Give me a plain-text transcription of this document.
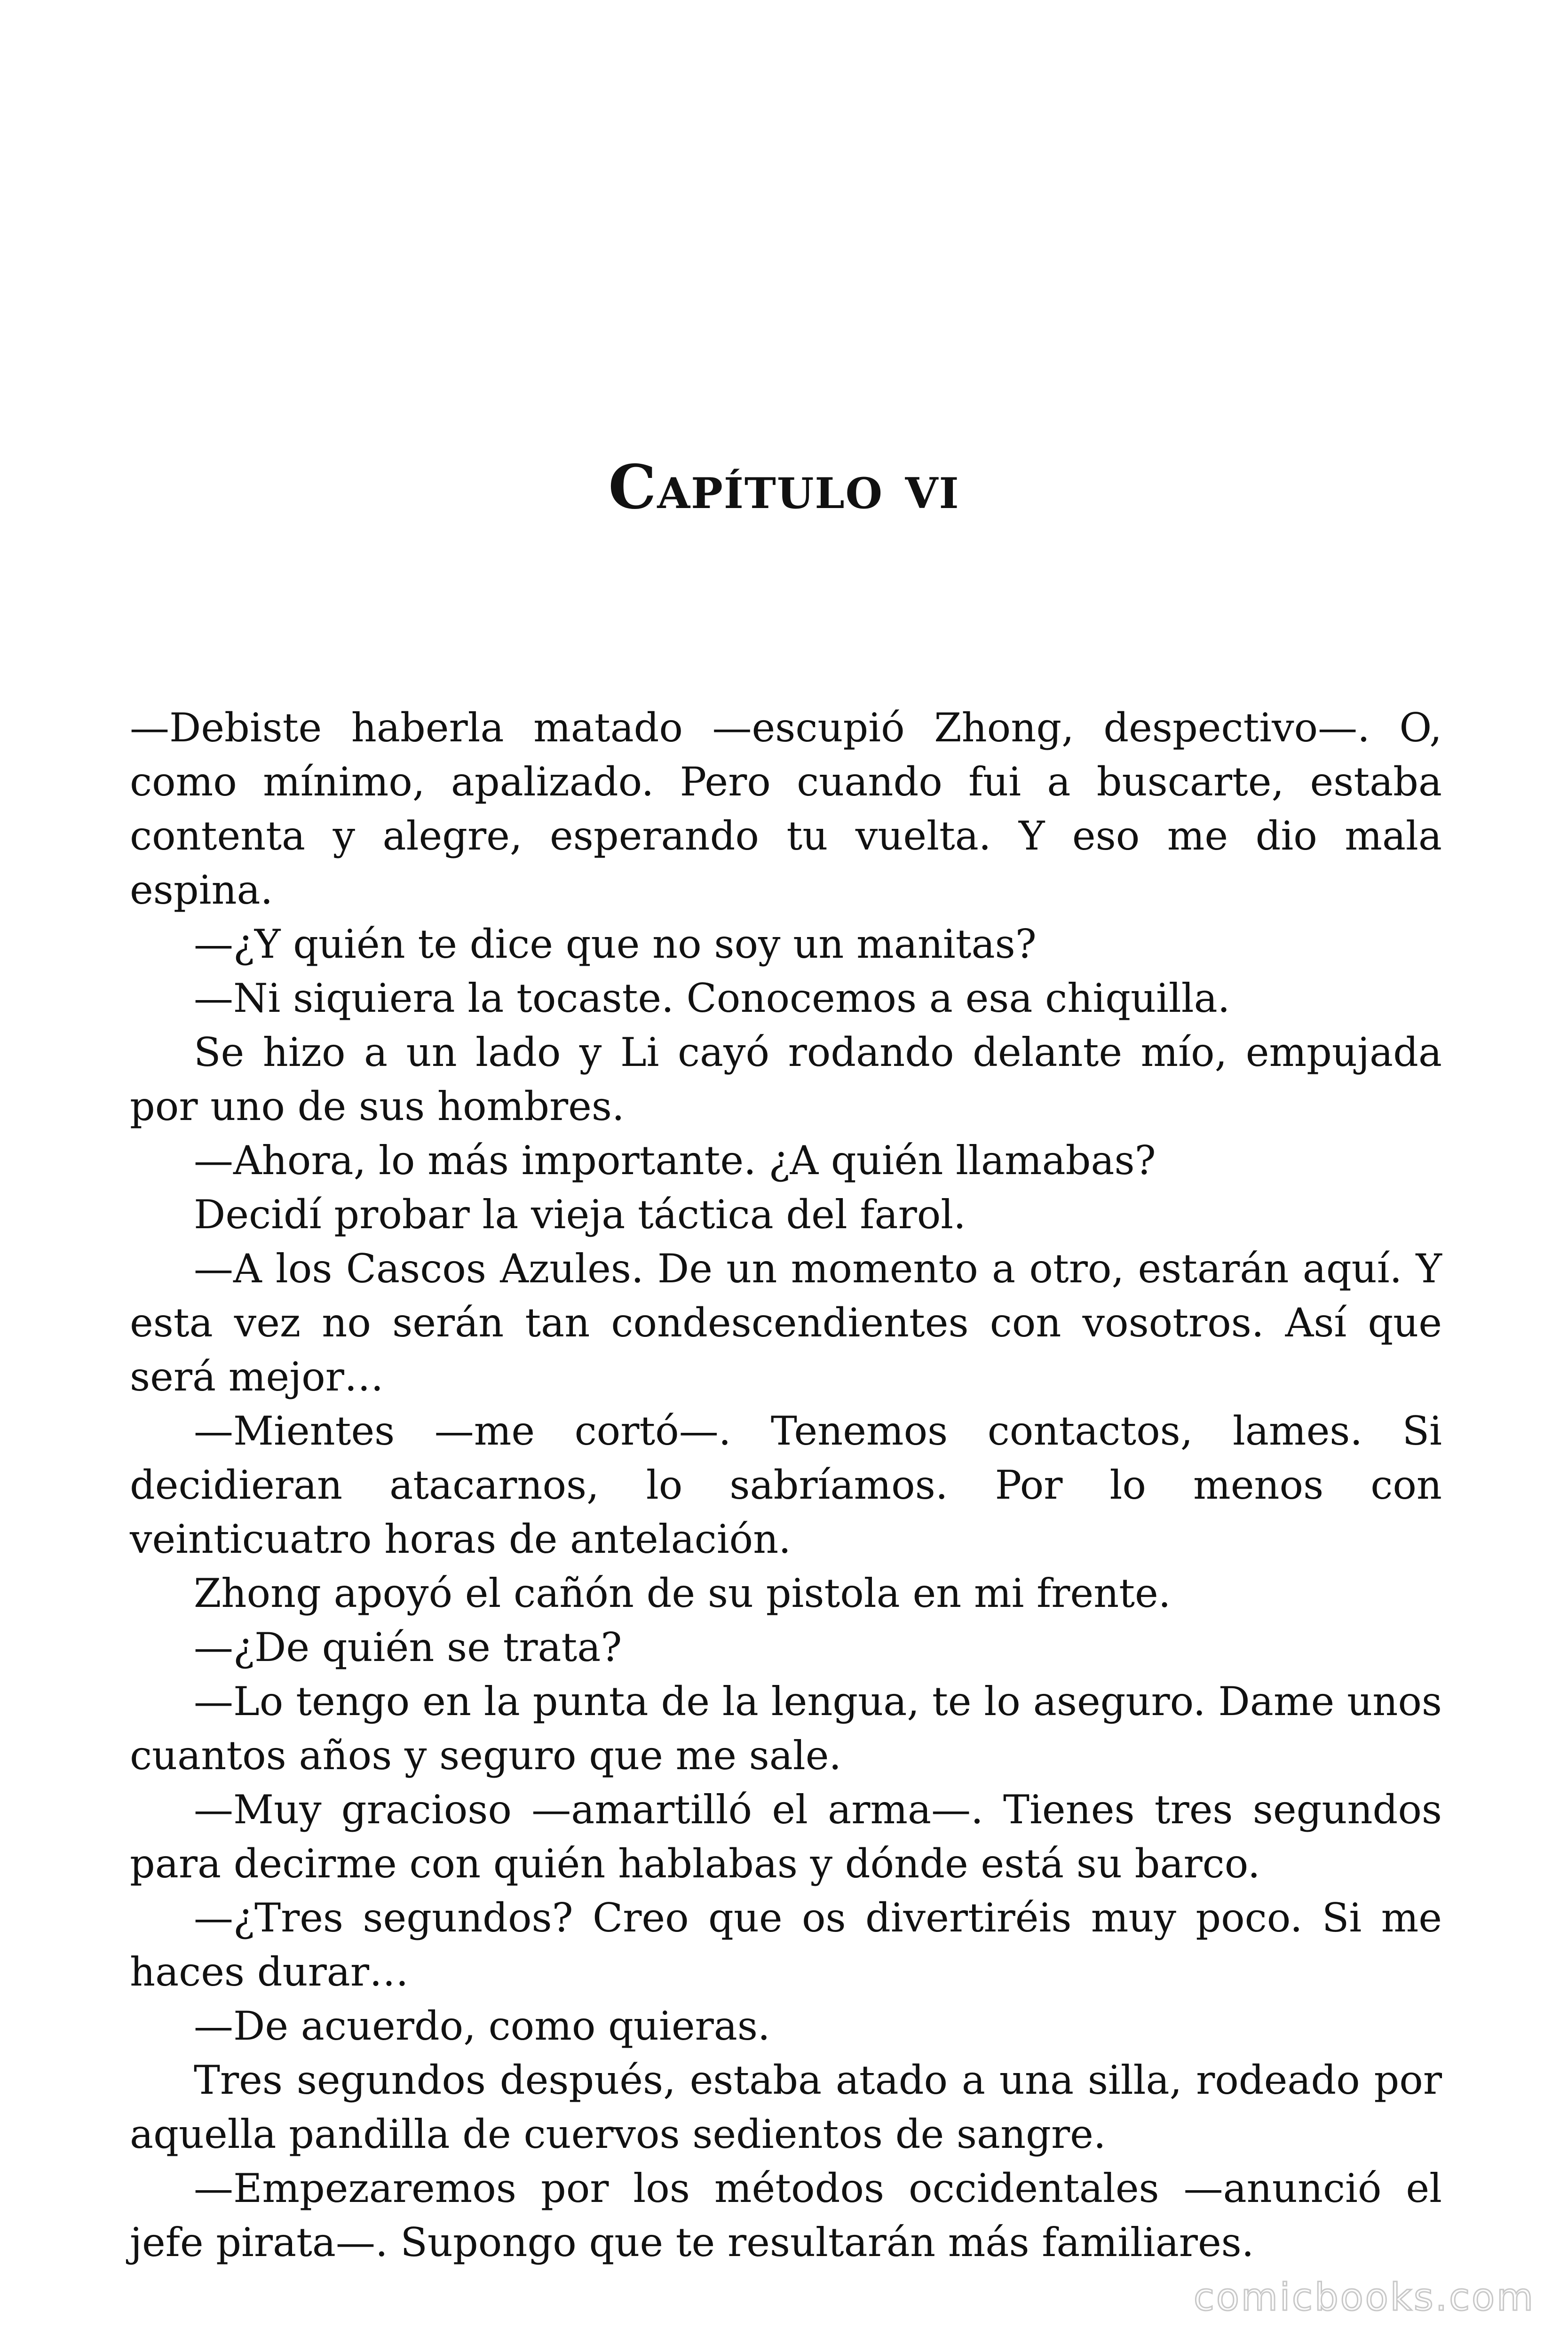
Capítulo vi

—Debiste haberla matado —escupió Zhong, despectivo—. O, como mínimo, apalizado. Pero cuando fui a buscarte, estaba contenta y alegre, esperando tu vuelta. Y eso me dio mala espina.

—¿Y quién te dice que no soy un manitas?

—Ni siquiera la tocaste. Conocemos a esa chiquilla.

Se hizo a un lado y Li cayó rodando delante mío, empujada por uno de sus hombres.

—Ahora, lo más importante. ¿A quién llamabas?

Decidí probar la vieja táctica del farol.

—A los Cascos Azules. De un momento a otro, estarán aquí. Y esta vez no serán tan condescendientes con vosotros. Así que será mejor…

—Mientes —me cortó—. Tenemos contactos, lames. Si decidieran atacarnos, lo sabríamos. Por lo menos con veinticuatro horas de antelación.

Zhong apoyó el cañón de su pistola en mi frente.

—¿De quién se trata?

—Lo tengo en la punta de la lengua, te lo aseguro. Dame unos cuantos años y seguro que me sale.

—Muy gracioso —amartilló el arma—. Tienes tres segundos para decirme con quién hablabas y dónde está su barco.

—¿Tres segundos? Creo que os divertiréis muy poco. Si me haces durar…

—De acuerdo, como quieras.

Tres segundos después, estaba atado a una silla, rodeado por aquella pandilla de cuervos sedientos de sangre.

—Empezaremos por los métodos occidentales —anunció el jefe pirata—. Supongo que te resultarán más familiares.

comicbooks.com
